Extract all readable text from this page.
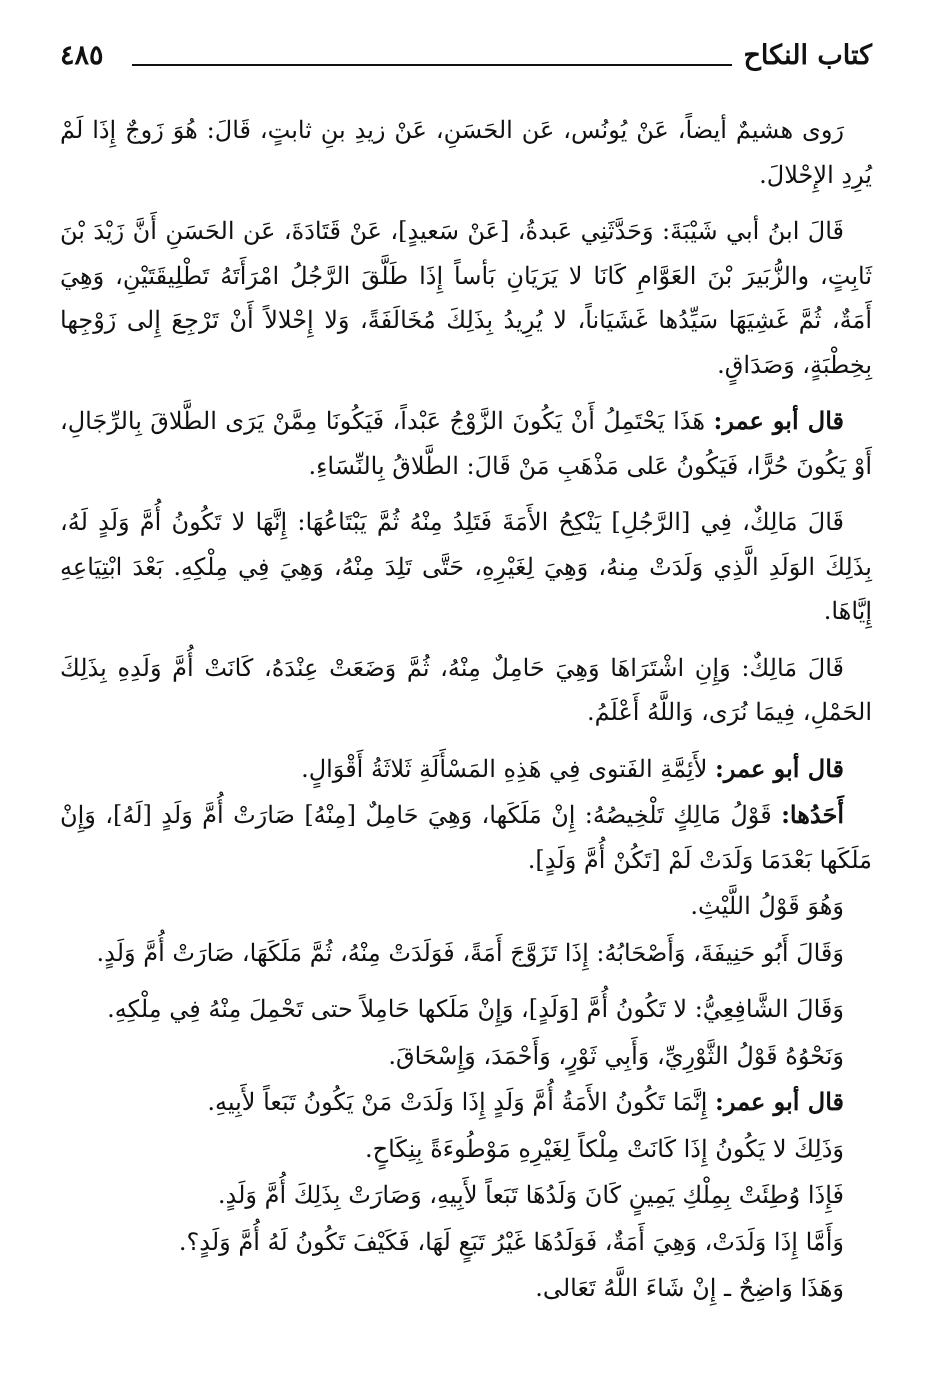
كتاب النكاح
٤٨٥

رَوى هشيمٌ أيضاً، عَنْ يُونُس، عَن الحَسَنِ، عَنْ زيدِ بنِ ثابتٍ، قَالَ: هُوَ زَوجٌ إِذَا لَمْ يُرِدِ الإِحْلالَ.

قَالَ ابنُ أبي شَيْبَةَ: وَحَدَّثَنِي عَبدةُ، [عَنْ سَعيدٍ]، عَنْ قَتَادَةَ، عَن الحَسَنِ أَنَّ زَيْدَ بْنَ ثَابِتٍ، والزُّبَيرَ بْنَ العَوَّامِ كَانَا لا يَرَيَانِ بَأساً إِذَا طَلَّقَ الرَّجُلُ امْرَأَتَهُ تَطْلِيقَتَيْنِ، وَهِيَ أَمَةٌ، ثُمَّ غَشِيَهَا سَيِّدُها غَشَيَاناً، لا يُرِيدُ بِذَلِكَ مُخَالَفَةً، وَلا إِحْلالاً أَنْ تَرْجِعَ إِلى زَوْجِها بِخِطْبَةٍ، وَصَدَاقٍ.

قال أبو عمر: هَذَا يَحْتَمِلُ أَنْ يَكُونَ الزَّوْجُ عَبْداً، فَيَكُونَا مِمَّنْ يَرَى الطَّلاقَ بِالرِّجَالِ، أَوْ يَكُونَ حُرًّا، فَيَكُونُ عَلى مَذْهَبِ مَنْ قَالَ: الطَّلاقُ بِالنِّسَاءِ.

قَالَ مَالِكٌ، فِي [الرَّجُلِ] يَنْكِحُ الأَمَةَ فَتَلِدُ مِنْهُ ثُمَّ يَبْتَاعُهَا: إِنَّهَا لا تَكُونُ أُمَّ وَلَدٍ لَهُ، بِذَلِكَ الوَلَدِ الَّذِي وَلَدَتْ مِنهُ، وَهِيَ لِغَيْرِهِ، حَتَّى تَلِدَ مِنْهُ، وَهِيَ فِي مِلْكِهِ. بَعْدَ ابْتِيَاعِهِ إِيَّاهَا.

قَالَ مَالِكٌ: وَإِنِ اشْتَرَاهَا وَهِيَ حَامِلٌ مِنْهُ، ثُمَّ وَضَعَتْ عِنْدَهُ، كَانَتْ أُمَّ وَلَدِهِ بِذَلِكَ الحَمْلِ، فِيمَا نُرَى، وَاللَّهُ أَعْلَمُ.

قال أبو عمر: لأَئِمَّةِ الفَتوى فِي هَذِهِ المَسْأَلَةِ ثَلاثَةُ أَقْوَالٍ.

أَحَدُها: قَوْلُ مَالِكٍ تَلْخِيصُهُ: إِنْ مَلَكَها، وَهِيَ حَامِلٌ [مِنْهُ] صَارَتْ أُمَّ وَلَدٍ [لَهُ]، وَإِنْ مَلَكَها بَعْدَمَا وَلَدَتْ لَمْ [تَكُنْ أُمَّ وَلَدٍ].

وَهُوَ قَوْلُ اللَّيْثِ.

وَقَالَ أَبُو حَنِيفَةَ، وَأَصْحَابُهُ: إِذَا تَزَوَّجَ أَمَةً، فَوَلَدَتْ مِنْهُ، ثُمَّ مَلَكَهَا، صَارَتْ أُمَّ وَلَدٍ.

وَقَالَ الشَّافِعِيُّ: لا تَكُونُ أُمَّ [وَلَدٍ]، وَإِنْ مَلَكها حَامِلاً حتى تَحْمِلَ مِنْهُ فِي مِلْكِهِ.

وَنَحْوُهُ قَوْلُ الثَّوْرِيِّ، وَأَبِي ثَوْرٍ، وَأَحْمَدَ، وَإِسْحَاقَ.

قال أبو عمر: إِنَّمَا تَكُونُ الأَمَةُ أُمَّ وَلَدٍ إِذَا وَلَدَتْ مَنْ يَكُونُ تَبَعاً لأَبِيهِ.

وَذَلِكَ لا يَكُونُ إِذَا كَانَتْ مِلْكاً لِغَيْرِهِ مَوْطُوءَةً بِنِكَاحٍ.

فَإِذَا وُطِئَتْ بِمِلْكِ يَمِينٍ كَانَ وَلَدُهَا تَبَعاً لأَبِيهِ، وَصَارَتْ بِذَلِكَ أُمَّ وَلَدٍ.

وَأَمَّا إِذَا وَلَدَتْ، وَهِيَ أَمَةٌ، فَوَلَدُهَا غَيْرُ تَبَعٍ لَهَا، فَكَيْفَ تَكُونُ لَهُ أُمَّ وَلَدٍ؟.

وَهَذَا وَاضِحٌ ـ إِنْ شَاءَ اللَّهُ تَعَالى.
